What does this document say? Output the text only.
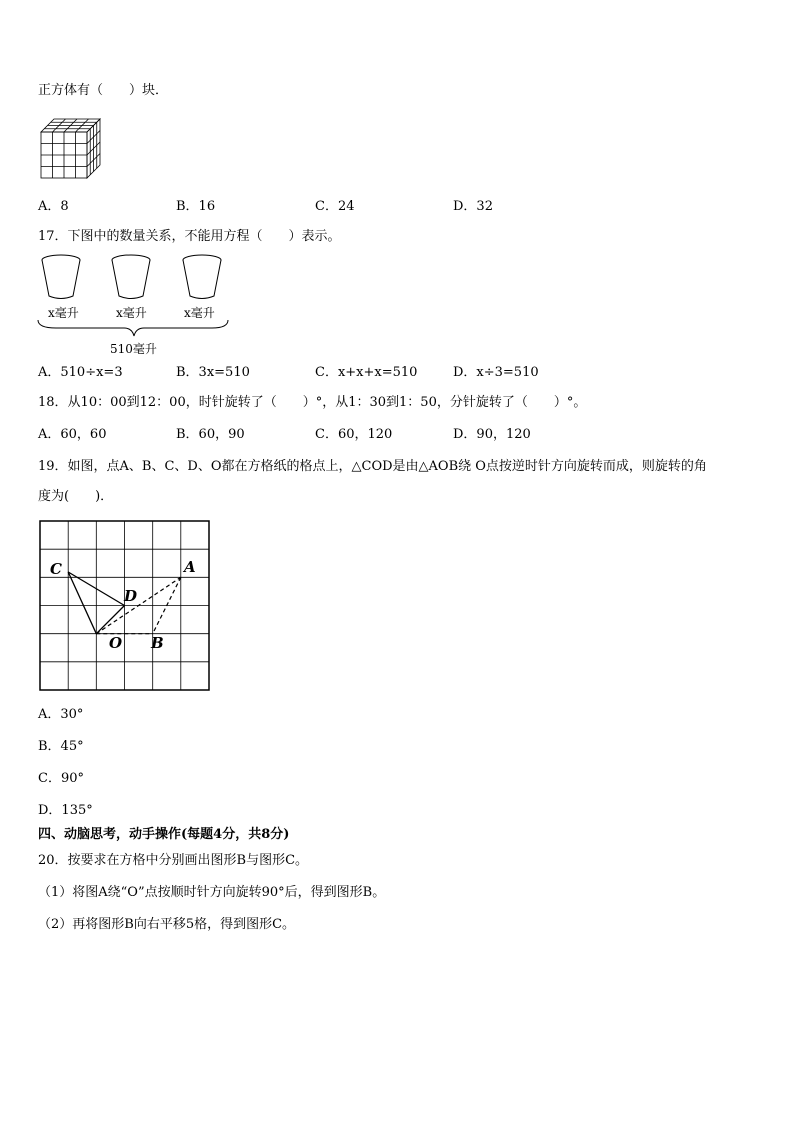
正方体有（　　）块．
A．8	B．16	C．24	D．32
17．下图中的数量关系，不能用方程（　　）表示。
x毫升	x毫升	x毫升
510毫升
A．510÷x=3	B．3x=510	C．x+x+x=510	D．x÷3=510
18．从10：00到12：00，时针旋转了（　　）°，从1：30到1：50，分针旋转了（　　）°。
A．60，60	B．60，90	C．60，120	D．90，120
19．如图，点A、B、C、D、O都在方格纸的格点上，△COD是由△AOB绕 O点按逆时针方向旋转而成，则旋转的角
度为(　　)．
C
D
A
O B
A．30°
B．45°
C．90°
D．135°
四、动脑思考，动手操作(每题4分，共8分)
20．按要求在方格中分别画出图形B与图形C。
（1）将图A绕“O”点按顺时针方向旋转90°后，得到图形B。
（2）再将图形B向右平移5格，得到图形C。
